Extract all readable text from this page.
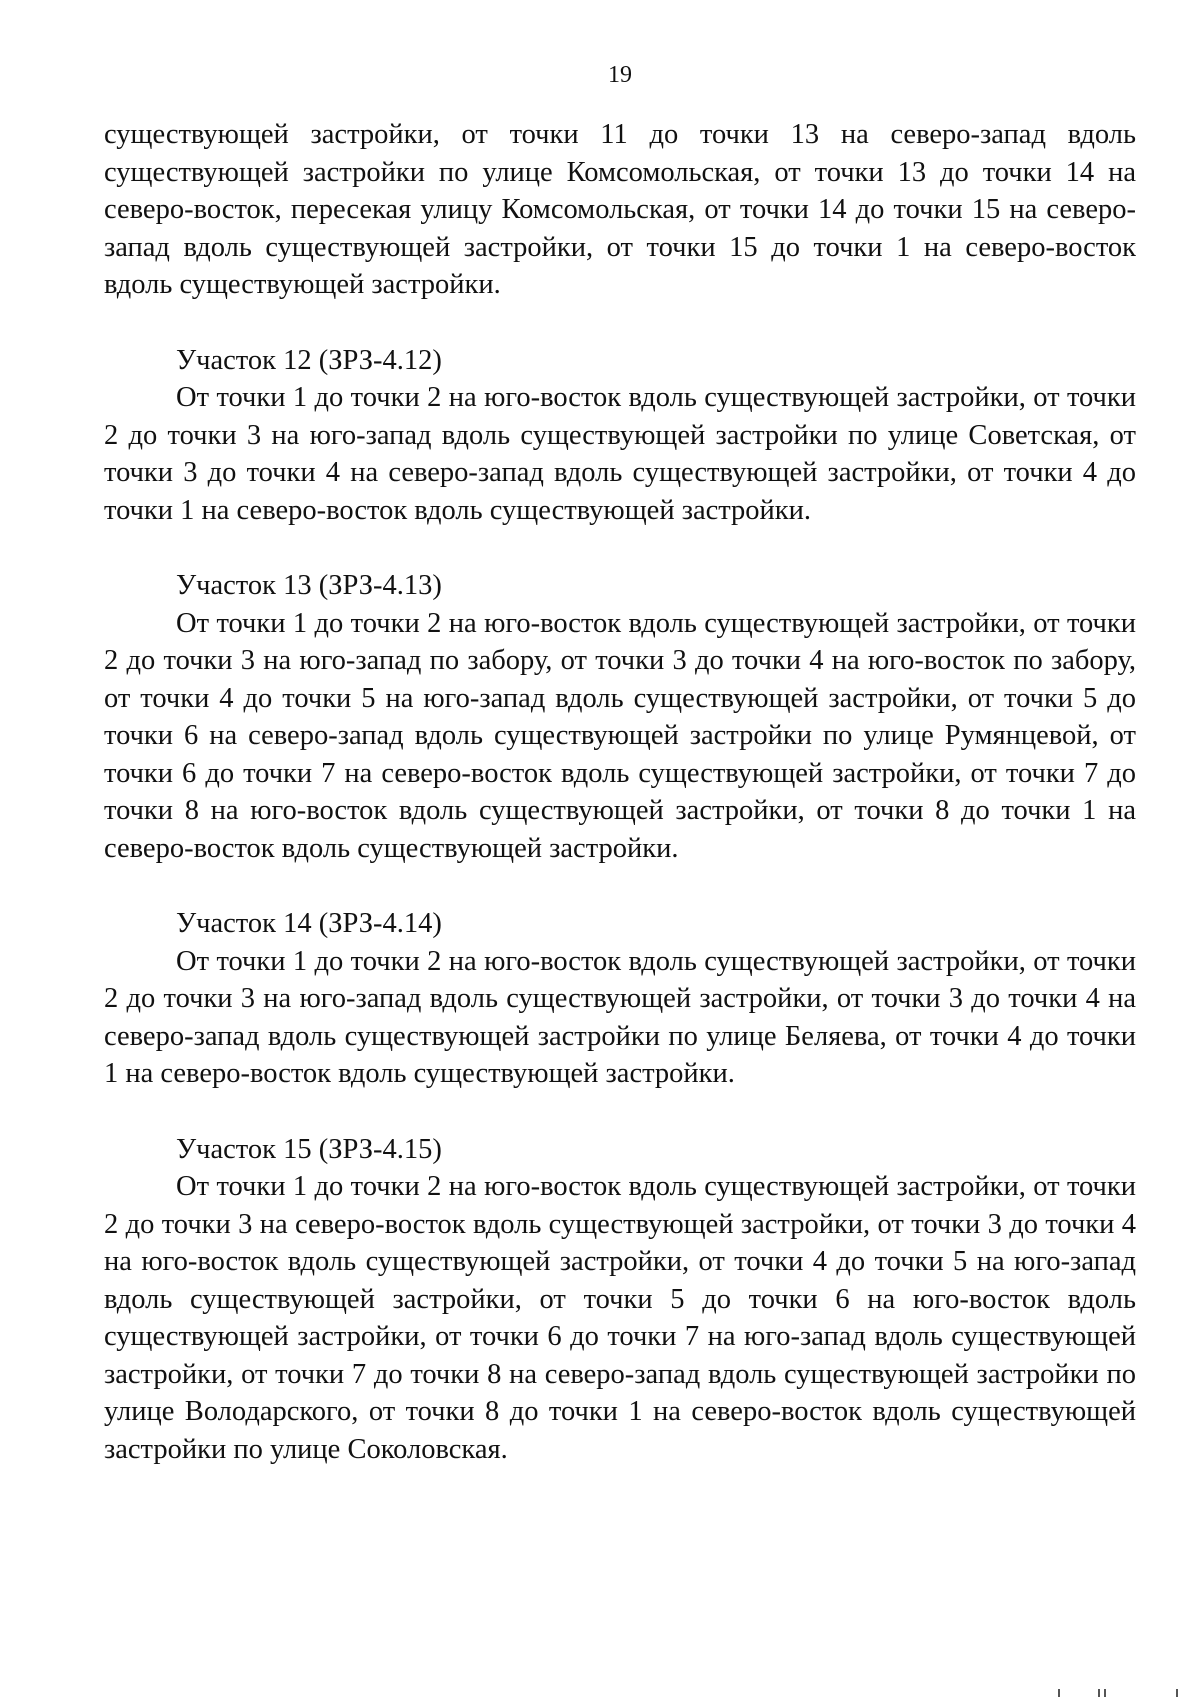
19

существующей застройки, от точки 11 до точки 13 на северо-запад вдоль существующей застройки по улице Комсомольская, от точки 13 до точки 14 на северо-восток, пересекая улицу Комсомольская, от точки 14 до точки 15 на северо-запад вдоль существующей застройки, от точки 15 до точки 1 на северо-восток вдоль существующей застройки.

Участок 12 (ЗРЗ-4.12)

От точки 1 до точки 2 на юго-восток вдоль существующей застройки, от точки 2 до точки 3 на юго-запад вдоль существующей застройки по улице Советская, от точки 3 до точки 4 на северо-запад вдоль существующей застройки, от точки 4 до точки 1 на северо-восток вдоль существующей застройки.

Участок 13 (ЗРЗ-4.13)

От точки 1 до точки 2 на юго-восток вдоль существующей застройки, от точки 2 до точки 3 на юго-запад по забору, от точки 3 до точки 4 на юго-восток по забору, от точки 4 до точки 5 на юго-запад вдоль существующей застройки, от точки 5 до точки 6 на северо-запад вдоль существующей застройки по улице Румянцевой, от точки 6 до точки 7 на северо-восток вдоль существующей застройки, от точки 7 до точки 8 на юго-восток вдоль существующей застройки, от точки 8 до точки 1 на северо-восток вдоль существующей застройки.

Участок 14 (ЗРЗ-4.14)

От точки 1 до точки 2 на юго-восток вдоль существующей застройки, от точки 2 до точки 3 на юго-запад вдоль существующей застройки, от точки 3 до точки 4 на северо-запад вдоль существующей застройки по улице Беляева, от точки 4 до точки 1 на северо-восток вдоль существующей застройки.

Участок 15 (ЗРЗ-4.15)

От точки 1 до точки 2 на юго-восток вдоль существующей застройки, от точки 2 до точки 3 на северо-восток вдоль существующей застройки, от точки 3 до точки 4 на юго-восток вдоль существующей застройки, от точки 4 до точки 5 на юго-запад вдоль существующей застройки, от точки 5 до точки 6 на юго-восток вдоль существующей застройки, от точки 6 до точки 7 на юго-запад вдоль существующей застройки, от точки 7 до точки 8 на северо-запад вдоль существующей застройки по улице Володарского, от точки 8 до точки 1 на северо-восток вдоль существующей застройки по улице Соколовская.
